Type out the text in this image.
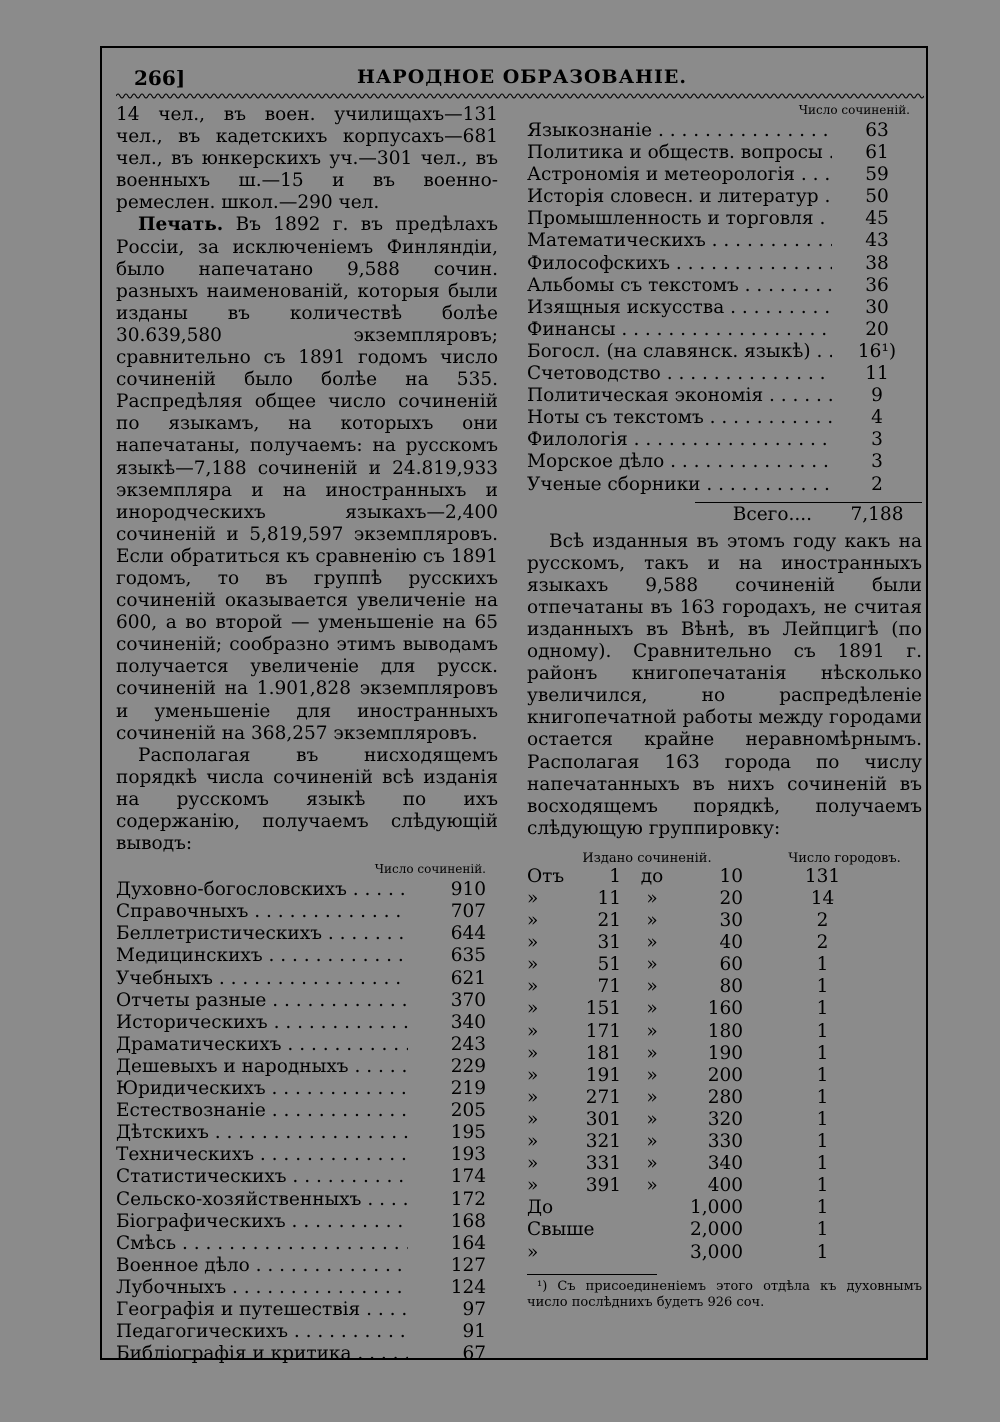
266]	НАРОДНОЕ ОБРАЗОВАНІЕ.

14 чел., въ воен. училищахъ—131 чел., въ кадетскихъ корпусахъ—681 чел., въ юнкерскихъ уч.—301 чел., въ военныхъ ш.—15 и въ военно-ремеслен. школ.—290 чел.

Печать. Въ 1892 г. въ предѣлахъ Россіи, за исключеніемъ Финляндіи, было напечатано 9,588 сочин. разныхъ наименованій, которыя были изданы въ количествѣ болѣе 30.639,580 экземпляровъ; сравнительно съ 1891 годомъ число сочиненій было болѣе на 535. Распредѣляя общее число сочиненій по языкамъ, на которыхъ они напечатаны, получаемъ: на русскомъ языкѣ—7,188 сочиненій и 24.819,933 экземпляра и на иностранныхъ и инородческихъ языкахъ—2,400 сочиненій и 5,819,597 экземпляровъ. Если обратиться къ сравненію съ 1891 годомъ, то въ группѣ русскихъ сочиненій оказывается увеличеніе на 600, а во второй — уменьшеніе на 65 сочиненій; сообразно этимъ выводамъ получается увеличеніе для русск. сочиненій на 1.901,828 экземпляровъ и уменьшеніе для иностранныхъ сочиненій на 368,257 экземпляровъ.

Располагая въ нисходящемъ порядкѣ числа сочиненій всѣ изданія на русскомъ языкѣ по ихъ содержанію, получаемъ слѣдующій выводъ:

Число сочиненій.
Духовно-богословскихъ . . .	910
Справочныхъ . . .	707
Беллетристическихъ . . .	644
Медицинскихъ . . .	635
Учебныхъ . . .	621
Отчеты разные . . .	370
Историческихъ . . .	340
Драматическихъ . . .	243
Дешевыхъ и народныхъ . . .	229
Юридическихъ . . .	219
Естествознаніе . . .	205
Дѣтскихъ . . .	195
Техническихъ . . .	193
Статистическихъ . . .	174
Сельско-хозяйственныхъ . . .	172
Біографическихъ . . .	168
Смѣсь . . .	164
Военное дѣло . . .	127
Лубочныхъ . . .	124
Географія и путешествія . . .	97
Педагогическихъ . . .	91
Библіографія и критика . . .	67
Число сочиненій.
Языкознаніе . . .	63
Политика и обществ. вопросы . . .	61
Астрономія и метеорологія . . .	59
Исторія словесн. и литератур . . .	50
Промышленность и торговля . . .	45
Математическихъ . . .	43
Философскихъ . . .	38
Альбомы съ текстомъ . . .	36
Изящныя искусства . . .	30
Финансы . . .	20
Богосл. (на славянск. языкѣ) . . .	16¹)
Счетоводство . . .	11
Политическая экономія . . .	9
Ноты съ текстомъ . . .	4
Филологія . . .	3
Морское дѣло . . .	3
Ученые сборники . . .	2
Всего....	7,188

Всѣ изданныя въ этомъ году какъ на русскомъ, такъ и на иностранныхъ языкахъ 9,588 сочиненій были отпечатаны въ 163 городахъ, не считая изданныхъ въ Вѣнѣ, въ Лейпцигѣ (по одному). Сравнительно съ 1891 г. районъ книгопечатанія нѣсколько увеличился, но распредѣленіе книгопечатной работы между городами остается крайне неравномѣрнымъ. Располагая 163 города по числу напечатанныхъ въ нихъ сочиненій въ восходящемъ порядкѣ, получаемъ слѣдующую группировку:

Издано сочиненій.	Число городовъ.
Отъ	1	до	10	131
»	11	»	20	14
»	21	»	30	2
»	31	»	40	2
»	51	»	60	1
»	71	»	80	1
»	151	»	160	1
»	171	»	180	1
»	181	»	190	1
»	191	»	200	1
»	271	»	280	1
»	301	»	320	1
»	321	»	330	1
»	331	»	340	1
»	391	»	400	1
До	1,000	1
Свыше	2,000	1
»	3,000	1
¹) Съ присоединеніемъ этого отдѣла къ духовнымъ число послѣднихъ будетъ 926 соч.
